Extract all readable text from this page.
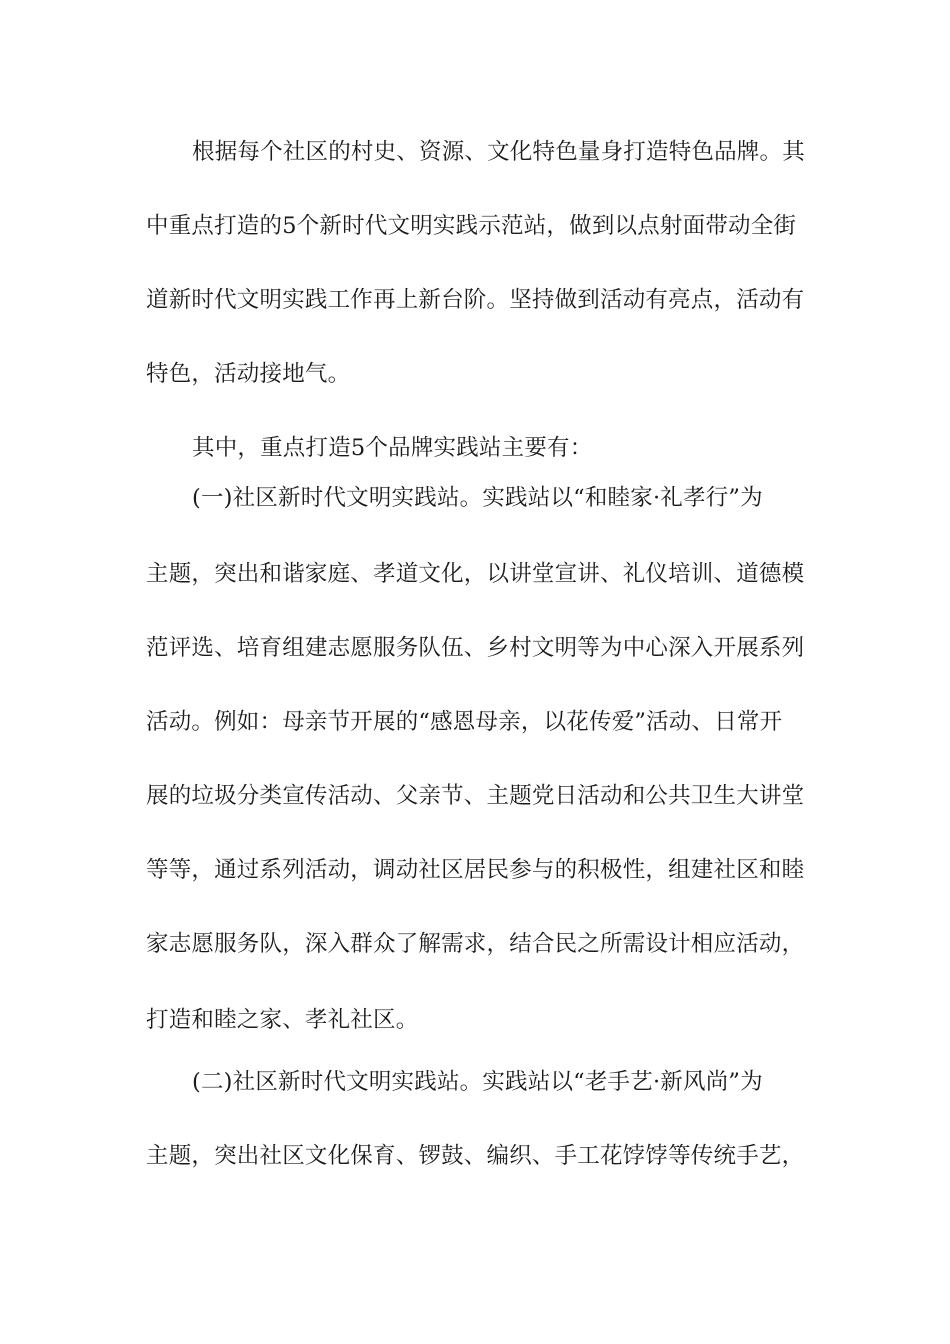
根据每个社区的村史、资源、文化特色量身打造特色品牌。其
中重点打造的5个新时代文明实践示范站，做到以点射面带动全街
道新时代文明实践工作再上新台阶。坚持做到活动有亮点，活动有
特色，活动接地气。
其中，重点打造5个品牌实践站主要有：
(一)社区新时代文明实践站。实践站以“和睦家·礼孝行”为
主题，突出和谐家庭、孝道文化，以讲堂宣讲、礼仪培训、道德模
范评选、培育组建志愿服务队伍、乡村文明等为中心深入开展系列
活动。例如：母亲节开展的“感恩母亲，以花传爱”活动、日常开
展的垃圾分类宣传活动、父亲节、主题党日活动和公共卫生大讲堂
等等，通过系列活动，调动社区居民参与的积极性，组建社区和睦
家志愿服务队，深入群众了解需求，结合民之所需设计相应活动，
打造和睦之家、孝礼社区。
(二)社区新时代文明实践站。实践站以“老手艺·新风尚”为
主题，突出社区文化保育、锣鼓、编织、手工花饽饽等传统手艺，
